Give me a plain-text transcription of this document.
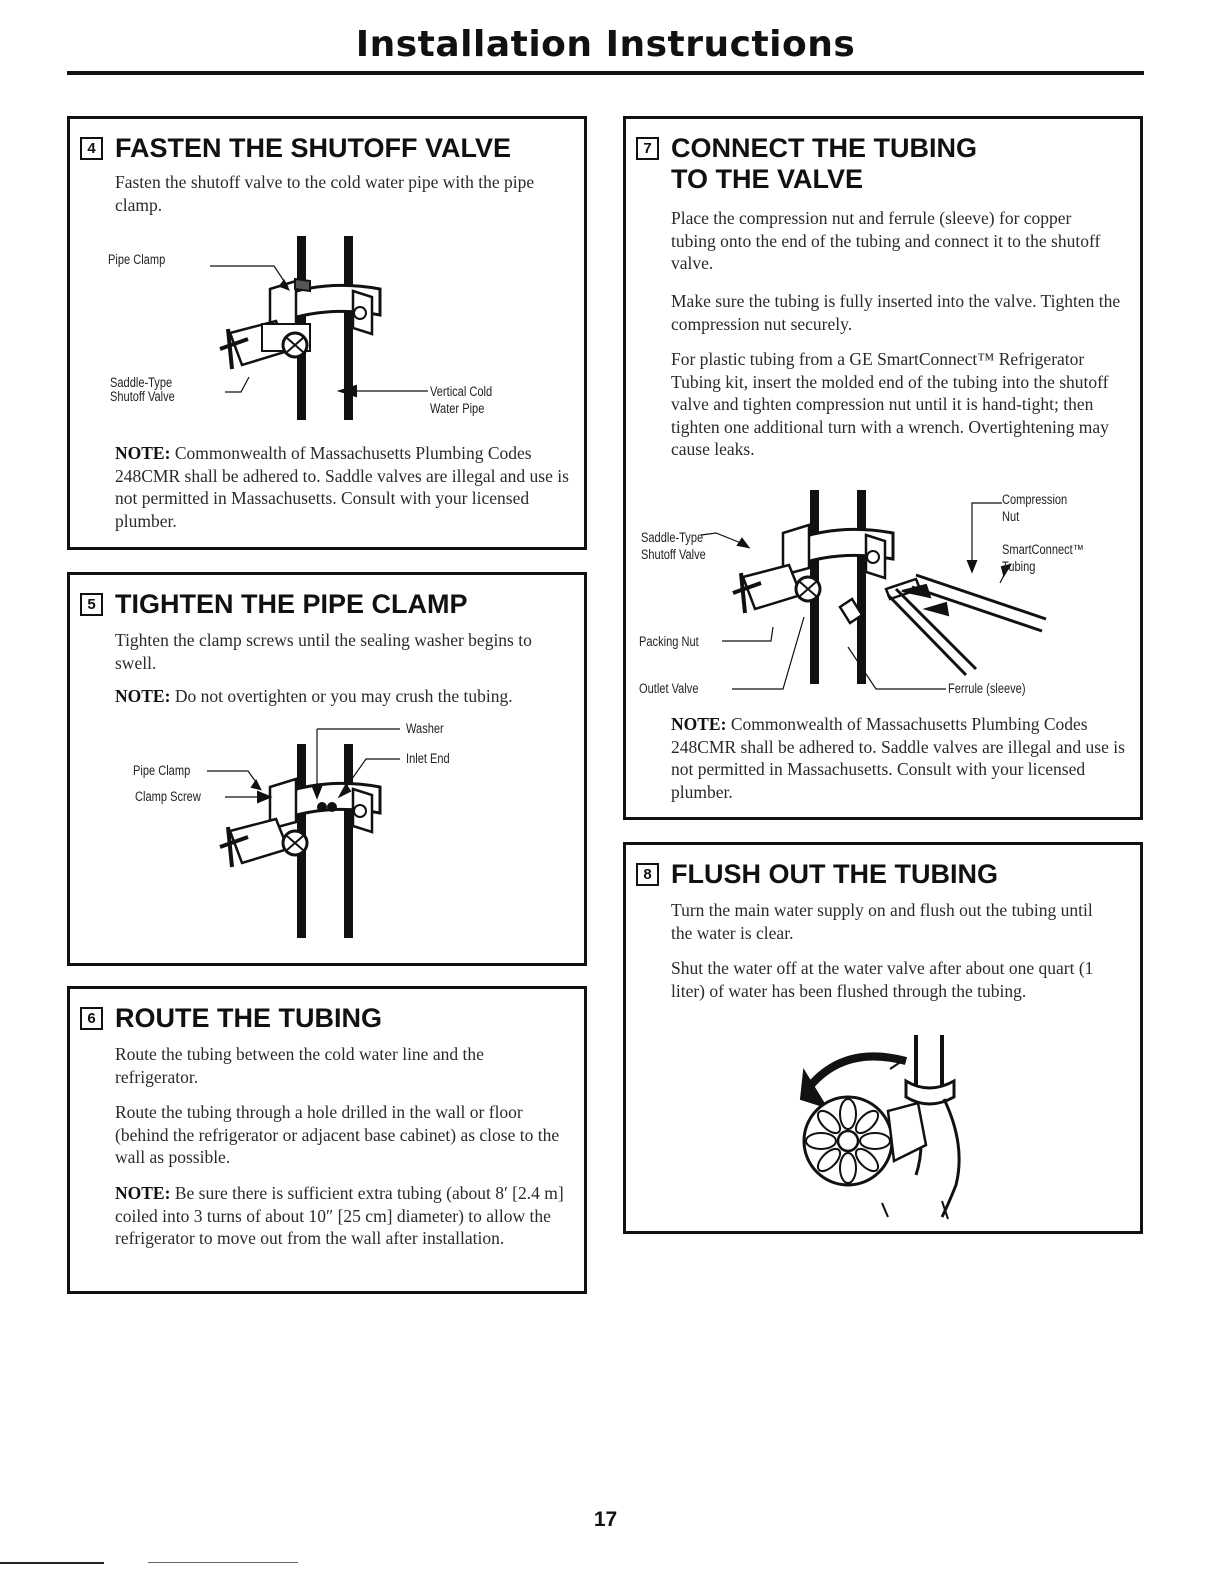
Installation Instructions
4 FASTEN THE SHUTOFF VALVE

Fasten the shutoff valve to the cold water pipe with the pipe clamp.

Pipe Clamp
Saddle-Type
Shutoff Valve	Vertical Cold
Water Pipe

NOTE: Commonwealth of Massachusetts Plumbing Codes 248CMR shall be adhered to. Saddle valves are illegal and use is not permitted in Massachusetts. Consult with your licensed plumber.

5 TIGHTEN THE PIPE CLAMP

Tighten the clamp screws until the sealing washer begins to swell.

NOTE: Do not overtighten or you may crush the tubing.

Washer
Pipe Clamp
Inlet End
Clamp Screw
6 ROUTE THE TUBING

Route the tubing between the cold water line and the refrigerator.

Route the tubing through a hole drilled in the wall or floor (behind the refrigerator or adjacent base cabinet) as close to the wall as possible.

NOTE: Be sure there is sufficient extra tubing (about 8′ [2.4 m] coiled into 3 turns of about 10″ [25 cm] diameter) to allow the refrigerator to move out from the wall after installation.

7 CONNECT THE TUBING
TO THE VALVE

Place the compression nut and ferrule (sleeve) for copper tubing onto the end of the tubing and connect it to the shutoff valve.

Make sure the tubing is fully inserted into the valve. Tighten the compression nut securely.

For plastic tubing from a GE SmartConnect™ Refrigerator Tubing kit, insert the molded end of the tubing into the shutoff valve and tighten compression nut until it is hand-tight; then tighten one additional turn with a wrench. Overtightening may cause leaks.

Compression
Nut
Saddle-Type
Shutoff Valve	SmartConnect™
Tubing
Packing Nut
Outlet Valve	Ferrule (sleeve)

NOTE: Commonwealth of Massachusetts Plumbing Codes 248CMR shall be adhered to. Saddle valves are illegal and use is not permitted in Massachusetts. Consult with your licensed plumber.

8 FLUSH OUT THE TUBING

Turn the main water supply on and flush out the tubing until the water is clear.

Shut the water off at the water valve after about one quart (1 liter) of water has been flushed through the tubing.

17
